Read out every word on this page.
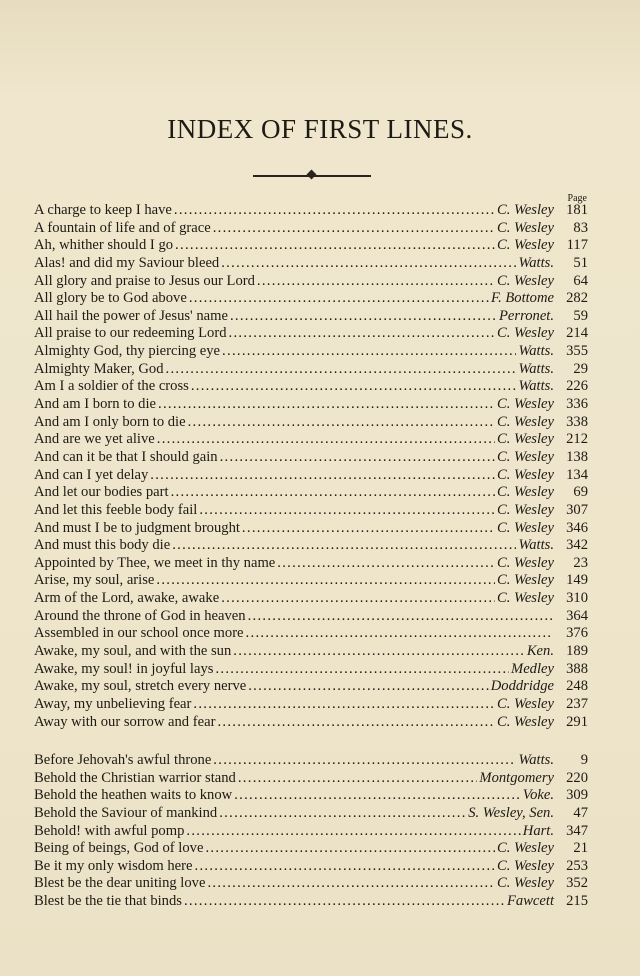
INDEX OF FIRST LINES.
Page
A charge to keep I have .....	C. Wesley 181
A fountain of life and of grace .....	C. Wesley	83
Ah, whither should I go .....	C. Wesley 117
Alas! and did my Saviour bleed .....	Watts.	51
All glory and praise to Jesus our Lord .....	C. Wesley	64
All glory be to God above .....	F. Bottome 282
All hail the power of Jesus' name .....	Perronet.	59
All praise to our redeeming Lord .....	C. Wesley 214
Almighty God, thy piercing eye .....	Watts. 355
Almighty Maker, God .....	Watts.	29
Am I a soldier of the cross .....	Watts. 226
And am I born to die .....	C. Wesley 336
And am I only born to die .....	C. Wesley 338
And are we yet alive .....	C. Wesley 212
And can it be that I should gain .....	C. Wesley 138
And can I yet delay .....	C. Wesley 134
And let our bodies part .....	C. Wesley	69
And let this feeble body fail .....	C. Wesley 307
And must I be to judgment brought .....	C. Wesley 346
And must this body die .....	Watts. 342
Appointed by Thee, we meet in thy name .....	C. Wesley	23
Arise, my soul, arise .....	C. Wesley 149
Arm of the Lord, awake, awake .....	C. Wesley 310
Around the throne of God in heaven .....	364
Assembled in our school once more .....	376
Awake, my soul, and with the sun .....	Ken. 189
Awake, my soul! in joyful lays .....	Medley 388
Awake, my soul, stretch every nerve .....	Doddridge 248
Away, my unbelieving fear .....	C. Wesley 237
Away with our sorrow and fear .....	C. Wesley 291
Before Jehovah's awful throne .....	Watts.	9
Behold the Christian warrior stand .....	Montgomery 220
Behold the heathen waits to know .....	Voke. 309
Behold the Saviour of mankind .....	S. Wesley, Sen.	47
Behold! with awful pomp .....	Hart. 347
Being of beings, God of love .....	C. Wesley	21
Be it my only wisdom here .....	C. Wesley 253
Blest be the dear uniting love .....	C. Wesley 352
Blest be the tie that binds .....	Fawcett 215
